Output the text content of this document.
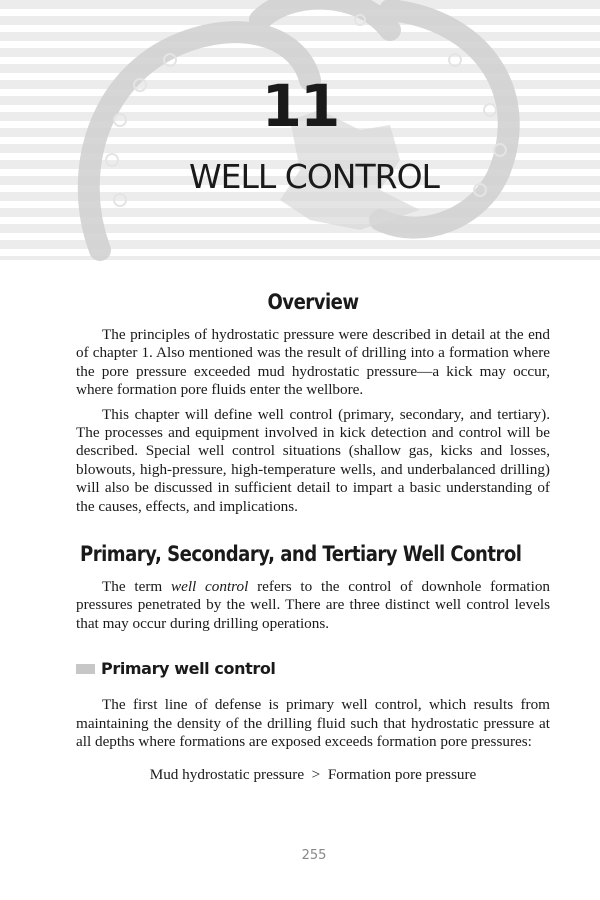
11
WELL CONTROL
Overview

The principles of hydrostatic pressure were described in detail at the end of chapter 1. Also mentioned was the result of drilling into a formation where the pore pressure exceeded mud hydrostatic pressure—a kick may occur, where formation pore fluids enter the wellbore.

This chapter will define well control (primary, secondary, and tertiary). The processes and equipment involved in kick detection and control will be described. Special well control situations (shallow gas, kicks and losses, blowouts, high-pressure, high-temperature wells, and underbalanced drilling) will also be discussed in sufficient detail to impart a basic understanding of the causes, effects, and implications.

Primary, Secondary, and Tertiary Well Control

The term well control refers to the control of downhole formation pressures penetrated by the well. There are three distinct well control levels that may occur during drilling operations.

Primary well control

The first line of defense is primary well control, which results from maintaining the density of the drilling fluid such that hydrostatic pressure at all depths where formations are exposed exceeds formation pore pressures:

Mud hydrostatic pressure > Formation pore pressure
255
